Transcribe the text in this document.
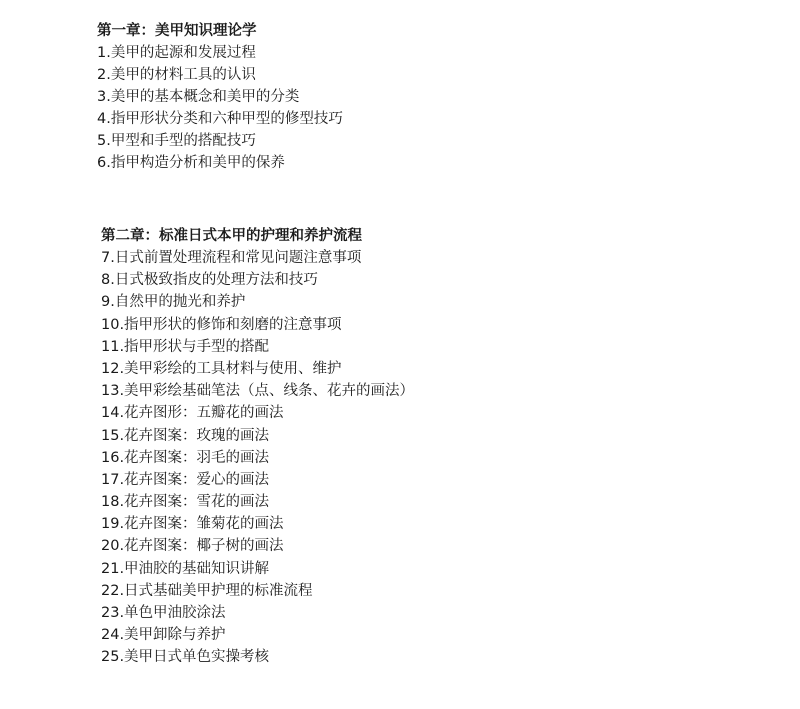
第一章：美甲知识理论学
1.美甲的起源和发展过程
2.美甲的材料工具的认识
3.美甲的基本概念和美甲的分类
4.指甲形状分类和六种甲型的修型技巧
5.甲型和手型的搭配技巧
6.指甲构造分析和美甲的保养
第二章：标准日式本甲的护理和养护流程
7.日式前置处理流程和常见问题注意事项
8.日式极致指皮的处理方法和技巧
9.自然甲的抛光和养护
10.指甲形状的修饰和刻磨的注意事项
11.指甲形状与手型的搭配
12.美甲彩绘的工具材料与使用、维护
13.美甲彩绘基础笔法（点、线条、花卉的画法）
14.花卉图形：五瓣花的画法
15.花卉图案：玫瑰的画法
16.花卉图案：羽毛的画法
17.花卉图案：爱心的画法
18.花卉图案：雪花的画法
19.花卉图案：雏菊花的画法
20.花卉图案：椰子树的画法
21.甲油胶的基础知识讲解
22.日式基础美甲护理的标准流程
23.单色甲油胶涂法
24.美甲卸除与养护
25.美甲日式单色实操考核
